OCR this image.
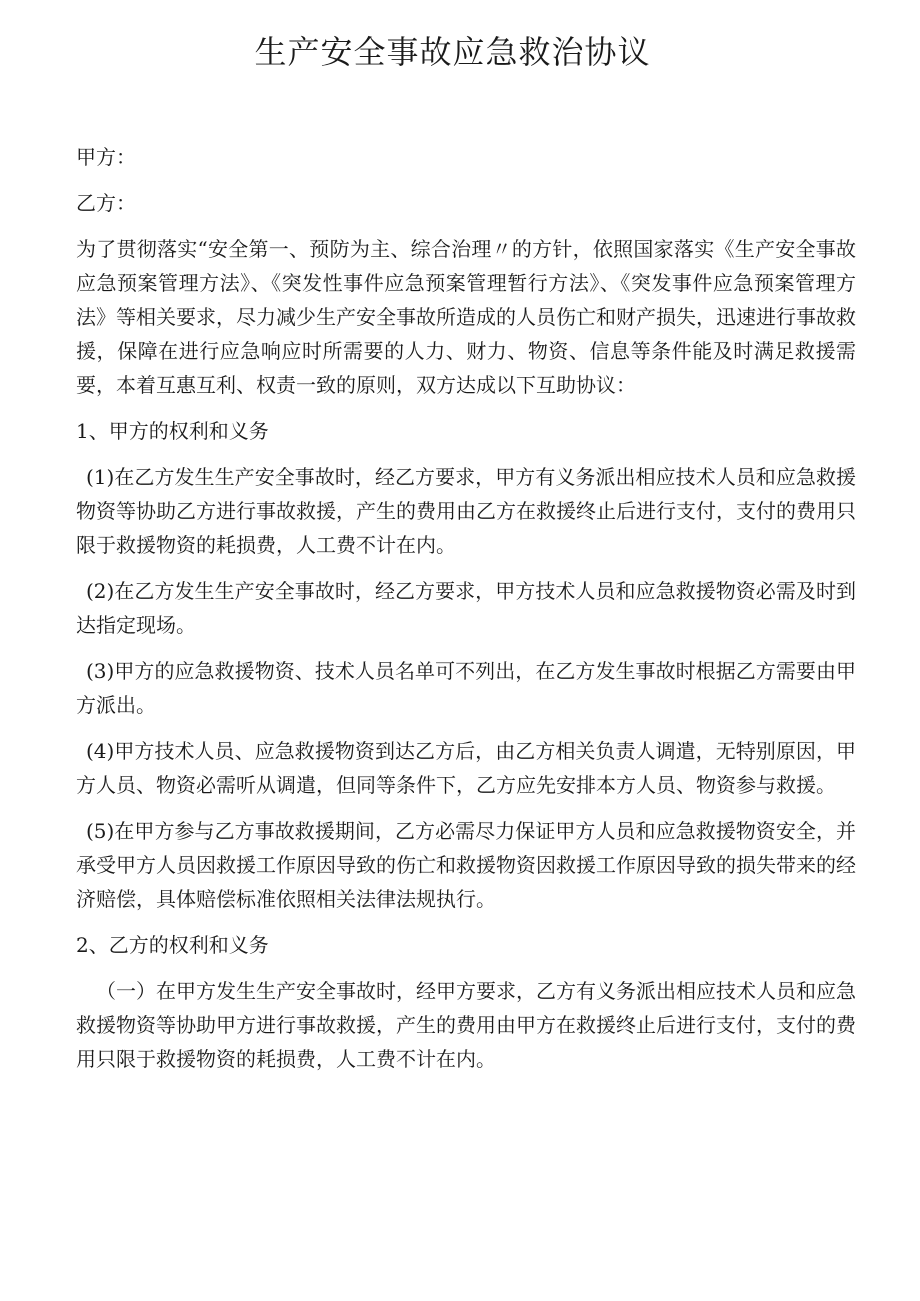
生产安全事故应急救治协议

甲方：

乙方：

为了贯彻落实“安全第一、预防为主、综合治理〃的方针，依照国家落实《生产安全事故应急预案管理方法》、《突发性事件应急预案管理暂行方法》、《突发事件应急预案管理方法》等相关要求，尽力减少生产安全事故所造成的人员伤亡和财产损失，迅速进行事故救援，保障在进行应急响应时所需要的人力、财力、物资、信息等条件能及时满足救援需要，本着互惠互利、权责一致的原则，双方达成以下互助协议：

1、甲方的权利和义务

(1)在乙方发生生产安全事故时，经乙方要求，甲方有义务派出相应技术人员和应急救援物资等协助乙方进行事故救援，产生的费用由乙方在救援终止后进行支付，支付的费用只限于救援物资的耗损费，人工费不计在内。

(2)在乙方发生生产安全事故时，经乙方要求，甲方技术人员和应急救援物资必需及时到达指定现场。

(3)甲方的应急救援物资、技术人员名单可不列出，在乙方发生事故时根据乙方需要由甲方派出。

(4)甲方技术人员、应急救援物资到达乙方后，由乙方相关负责人调遣，无特别原因，甲方人员、物资必需听从调遣，但同等条件下，乙方应先安排本方人员、物资参与救援。

(5)在甲方参与乙方事故救援期间，乙方必需尽力保证甲方人员和应急救援物资安全，并承受甲方人员因救援工作原因导致的伤亡和救援物资因救援工作原因导致的损失带来的经济赔偿，具体赔偿标准依照相关法律法规执行。

2、乙方的权利和义务

（一）在甲方发生生产安全事故时，经甲方要求，乙方有义务派出相应技术人员和应急救援物资等协助甲方进行事故救援，产生的费用由甲方在救援终止后进行支付，支付的费用只限于救援物资的耗损费，人工费不计在内。
